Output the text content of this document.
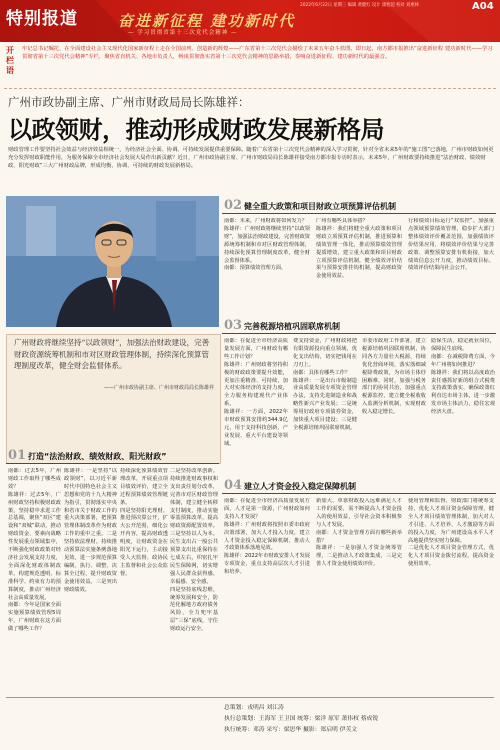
特别报道	奋进新征程 建功新时代
— 学习贯彻省第十三次党代会精神 —
2022年6月22日 星期三 编辑 黄健红 设计 康智超 校对 刘惠林	A04
开栏语
牢记总书记嘱托，在全面建设社会主义现代化国家新征程上走在全国前列、创造新的辉煌——广东省第十三次党代会描绘了未来五年奋斗蓝图。即日起，南方都市报推出“奋进新征程 建功新时代——学习贯彻省第十三次党代会精神”专栏，聚焦省直机关、各地市负责人，畅谈贯彻落实省第十三次党代会精神的思路举措，奏响奋进新征程、建功新时代的最强音。
广州市政协副主席、广州市财政局局长陈雄祥：
以政领财，推动形成财政发展新格局
财政管理工作要坚持社会效益与经济效益相统一，为经济社会全面、协调、可持续发展提供重要保障。随着广东省第十三次党代会精神的深入学习贯彻，针对全省未来5年的“施工图”已落地，广州市财政如何更充分发挥财政职能作用，为服务保障全市经济社会发展大局作出新贡献？近日，广州市政协副主席、广州市财政局局长陈雄祥接受南方都市报专访时表示，未来5年，广州财政要持续推进“法治财政、绩效财政、阳光财政”三大广州财政品牌，形成均衡、协调、可持续的财政发展新格局。
广州财政将继续坚持“以政领财”，加强法治财政建设，完善财政资源统筹机制和市对区财政管理体制，持续深化预算管理制度改革，健全财会监督体系。
——广州市政协副主席、广州市财政局局长陈雄祥
01 打造“法治财政、绩效财政、阳光财政”
南都：过去5年，广州财政工作取得了哪些成效？
陈雄祥：过去5年，广州财政坚持积极财政政策，坚持稳中求进工作总基调，聚焦“双区”建设和“双城”联动，推动财政资金、要素向战略性发展重点领域集中，不断强化财政政策对经济社会发展支持力度，全面深化财政体制改革，构建规范透明、标准科学、约束有力的预算制度，推动广州经济社会高质量发展。
南都：今年是国家全面实施预算绩效管理5周年，广州财政在这方面做了哪些工作？
陈雄祥：一是坚持“以政领财”，以习近平新时代中国特色社会主义思想和党的十九大精神为指引，贯彻落实中央和省市关于财政工作的重大决策部署，把预算管理体制改革作为财政工作的重中之重。二是坚持依法理财。持续推动预算法实施条例落地见效，进一步规范预算编制、执行、调整、决算全过程，提升财政资金使用效益。三是突出财政绩效。
持续深化预算绩效管理改革，开展重点项目绩效评价，建立全过程预算绩效管理链条。
四是坚持阳光理财。推进预决算公开，扩大公开范围，细化公开内容，提高财政透明度，让财政资金在阳光下运行，主动接受人大监督、政协民主监督和社会公众监督。
二是坚持改革创新。持续推进财政事权和支出责任划分改革，完善市对区财政管理体制，建立健全转移支付制度，推动实施零基预算改革，提高财政资源配置效率。三是坚持以人为本。民生支出占一般公共预算支出比重保持在七成左右，织密扎牢民生保障网，切实增强人民群众获得感、幸福感、安全感。
四是坚持底线思维。统筹发展和安全，防范化解地方政府债务风险，全力兜牢基层“三保”底线，守住财政运行安全。
02 健全重大政策和项目财政立项预算评估机制
南都：未来，广州财政将如何发力？
陈雄祥：广州财政将继续坚持“以政领财”，加强法治财政建设，完善财政资源统筹机制和市对区财政管理体制，持续深化预算管理制度改革，健全财会监督体系。
南都：预算绩效管理方面，
广州有哪些具体举措？
陈雄祥：我们将健全重大政策和项目财政立项预算评估机制，推进预算和绩效管理一体化，推动预算绩效管理提质增效，建立重大政策和项目财政立项预算评估机制，健全绩效评价结果与预算安排挂钩机制，提高财政资金使用效益。
行和绩效目标运行“双监控”。加强重点领域预算绩效管理，稳步扩大部门整体绩效评价覆盖范围，加强绩效评价结果应用，将绩效评价结果与完善政策、调整预算安排有机衔接，加大绩效信息公开力度，推动绩效目标、绩效评价结果向社会公开。
03 完善税源培植巩固联席机制
南都：在促进全市经济高质量发展方面，广州财政有哪些工作计划？
陈雄祥：广州财政将坚持积极的财政政策要提升效能，更加注重精准、可持续，加大对实体经济的支持力度，全力服务构建现代产业体系。
陈雄祥：一方面，2022年市财政预算安排约344.9亿元，用于支持科技创新、产业发展、重大平台建设等领域。
费支持资金，广州财政将把有限资源投向重点领域，优化支出结构，切实把钱用在刀刃上。
南都：具体有哪些工作？
陈雄祥：一是出台市级制造业高质量发展专项资金管理办法，支持先进制造业和战略性新兴产业发展；二是统筹用好政府专项债券资金，加快重大项目建设；三是健全税源培植巩固联席机制。
市委市政府工作部署，建立税源培植巩固联席机制，协同各方力量壮大税源，持续优化营商环境，落实落细减税降费政策，为市场主体纾困解难。同时，加强与税务部门的协同共治，加强重点税源监控，建立健全税收收入监测分析机制，实现财政收入稳定增长。
隐保生活，稳定就业岗位，保障民生底线。
南都：在减税降费方面，今年广州将如何推进？
陈雄祥：我们将以高度政治责任感抓好新的组合式税费支持政策落实，确保政策红利直达市场主体，进一步激发市场主体活力，稳住宏观经济大盘。
04 建立人才资金投入稳定保障机制
南都：在促进全市经济高质量发展方面，人才是第一资源，广州财政如何支持人才发展？
陈雄祥：广州财政将按照市委市政府决策部署，加大人才投入力度，建立人才资金投入稳定保障机制，推动人才政策体系落地见效。
陈雄祥：2022年市财政安排人才发展专项资金，重点支持高层次人才引进和培养。
新加大、单靠财政投入远难满足人才工作的需要，需不断提高人才资金投入的使用效益，引导社会资本积极参与人才发展。
南都：人才资金管理方面有哪些新举措？
陈雄祥：一是加强人才资金统筹管理，二是推动人才政策集成，三是完善人才资金使用绩效评价。
使用管理和监督，财政部门将统筹支持，优化人才项目资金保障管理，健全人才项目绩效管理体制，加大对人才引进、人才培养、人才激励等方面的投入力度，为广州建设高水平人才高地提供坚实财力保障。
二是优化人才项目资金管理方式，优化人才项目资金拨付流程，提高资金使用效率。
总策划：戎明昌 刘江涛
执行总策划：王海军 王卫国 统筹：梁洋 原军 萧伟权 蔡成锐
执行统筹：邓涛 采写：梁思华 摄影：郑启明 伊芙文
